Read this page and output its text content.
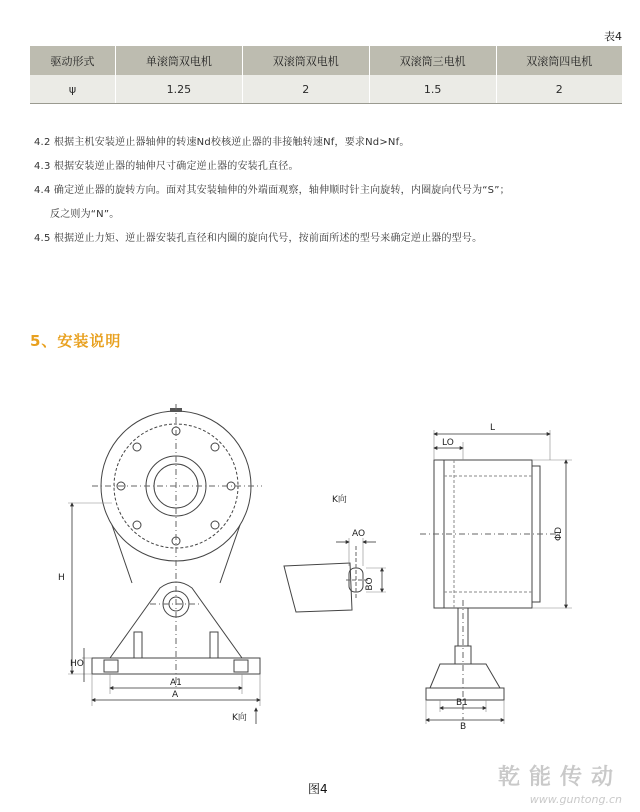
表4
驱动形式	单滚筒双电机	双滚筒双电机	双滚筒三电机	双滚筒四电机
ψ	1.25	2	1.5	2
4.2 根据主机安装逆止器轴伸的转速Nd校核逆止器的非接触转速Nf，要求Nd>Nf。
4.3 根据安装逆止器的轴伸尺寸确定逆止器的安装孔直径。
4.4 确定逆止器的旋转方向。面对其安装轴伸的外端面观察，轴伸顺时针主向旋转，内圈旋向代号为“S”；
反之则为“N”。
4.5 根据逆止力矩、逆止器安装孔直径和内圈的旋向代号，按前面所述的型号来确定逆止器的型号。
5、安装说明
H
HO
A1
A
K向
K向
AO
BO
L
LO
ΦD
B1
B
图4	乾能传动
www.guntong.cn
